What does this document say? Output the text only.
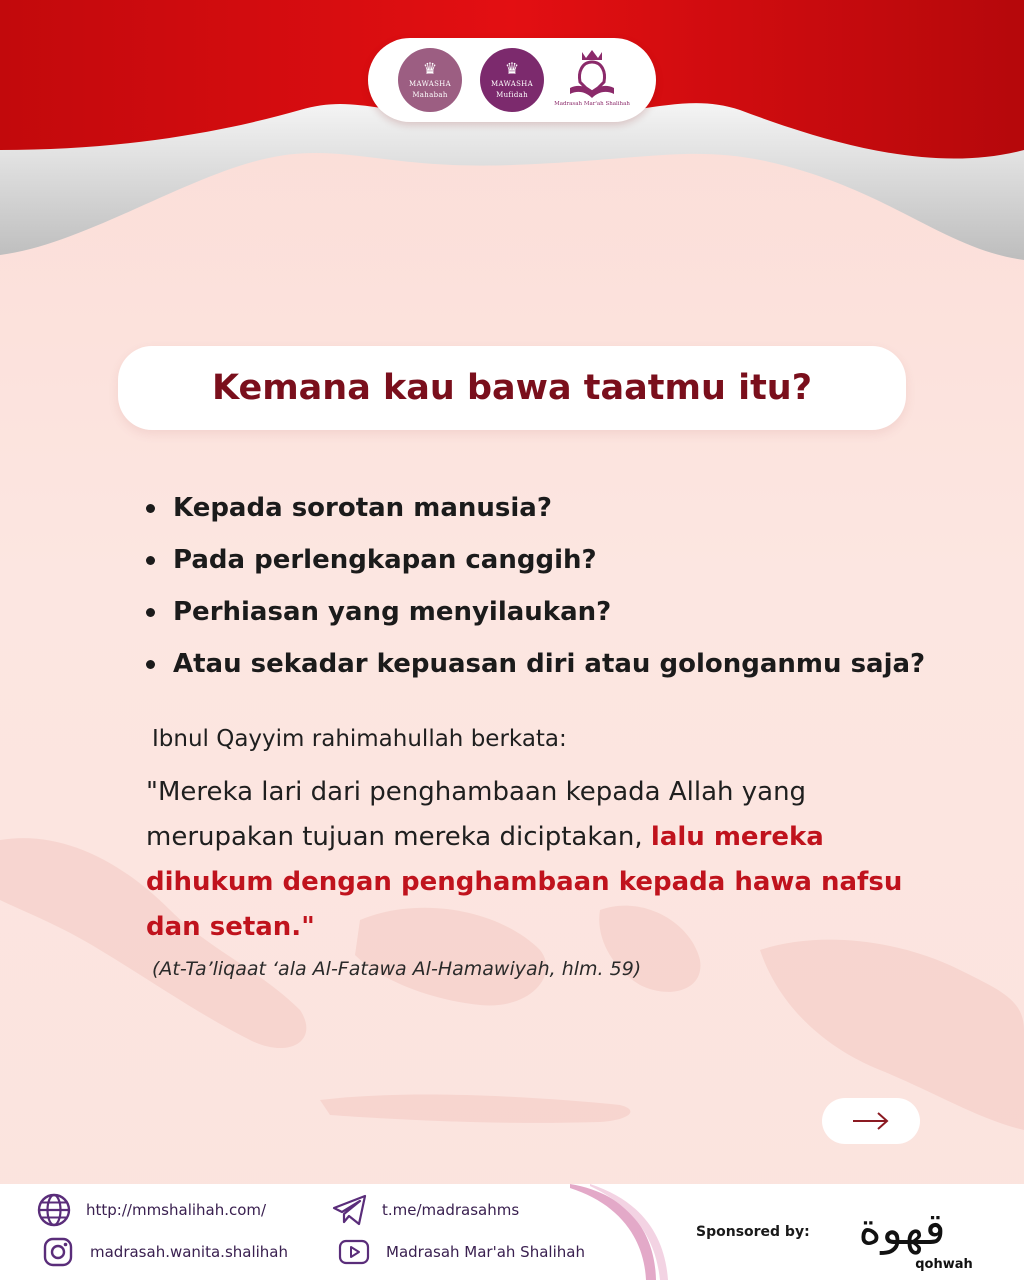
♛
MAWASHA
Mahabah
♛
MAWASHA
Mufidah
Madrasah Mar'ah Shalihah
Kemana kau bawa taatmu itu?
Kepada sorotan manusia?
Pada perlengkapan canggih?
Perhiasan yang menyilaukan?
Atau sekadar kepuasan diri atau golonganmu saja?
Ibnul Qayyim rahimahullah berkata:
"Mereka lari dari penghambaan kepada Allah yang merupakan tujuan mereka diciptakan, lalu mereka dihukum dengan penghambaan kepada hawa nafsu dan setan."
(At-Ta’liqaat ‘ala Al-Fatawa Al-Hamawiyah, hlm. 59)
http://mmshalihah.com/
madrasah.wanita.shalihah
t.me/madrasahms
Madrasah Mar'ah Shalihah
Sponsored by: قهوة
qohwah
